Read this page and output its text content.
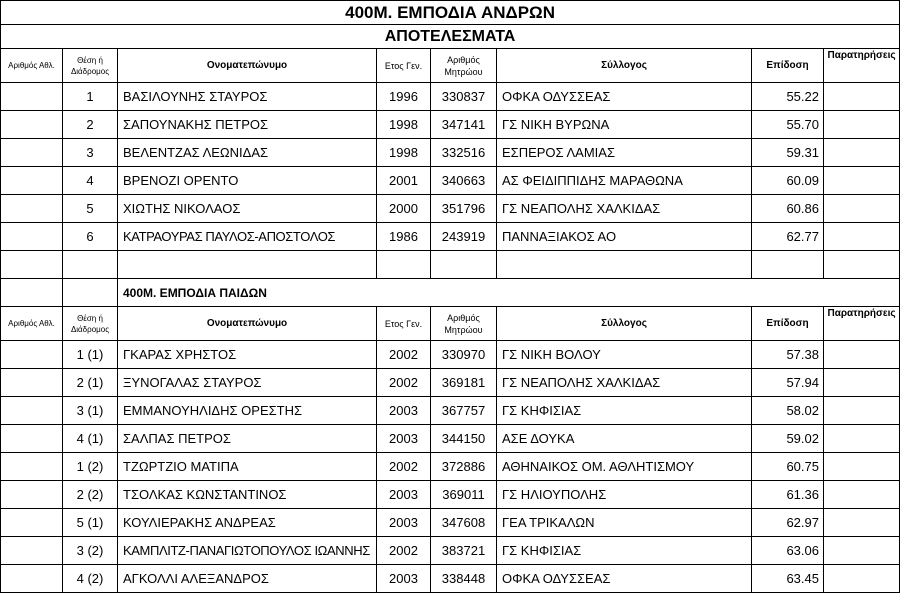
400Μ. ΕΜΠΟΔΙΑ ΑΝΔΡΩΝ							
ΑΠΟΤΕΛΕΣΜΑΤΑ							
Αριθμός Αθλ.	Θέση ή Διάδρομος	Ονοματεπώνυμο	Ετος Γεν.	Αριθμός Μητρώου	Σύλλογος	Επίδοση	Παρατηρήσεις
	1	ΒΑΣΙΛΟΥΝΗΣ ΣΤΑΥΡΟΣ	1996	330837	ΟΦΚΑ ΟΔΥΣΣΕΑΣ	55.22	
	2	ΣΑΠΟΥΝΑΚΗΣ ΠΕΤΡΟΣ	1998	347141	ΓΣ ΝΙΚΗ ΒΥΡΩΝΑ	55.70	
	3	ΒΕΛΕΝΤΖΑΣ ΛΕΩΝΙΔΑΣ	1998	332516	ΕΣΠΕΡΟΣ ΛΑΜΙΑΣ	59.31	
	4	ΒΡΕΝΟΖΙ ΟΡΕΝΤΟ	2001	340663	ΑΣ ΦΕΙΔΙΠΠΙΔΗΣ ΜΑΡΑΘΩΝΑ	60.09	
	5	ΧΙΩΤΗΣ ΝΙΚΟΛΑΟΣ	2000	351796	ΓΣ ΝΕΑΠΟΛΗΣ ΧΑΛΚΙΔΑΣ	60.86	
	6	ΚΑΤΡΑΟΥΡΑΣ ΠΑΥΛΟΣ-ΑΠΟΣΤΟΛΟΣ	1986	243919	ΠΑΝΝΑΞΙΑΚΟΣ ΑΟ	62.77	

		400Μ. ΕΜΠΟΔΙΑ ΠΑΙΔΩΝ					
Αριθμός Αθλ.	Θέση ή Διάδρομος	Ονοματεπώνυμο	Ετος Γεν.	Αριθμός Μητρώου	Σύλλογος	Επίδοση	Παρατηρήσεις
	1 (1)	ΓΚΑΡΑΣ ΧΡΗΣΤΟΣ	2002	330970	ΓΣ ΝΙΚΗ ΒΟΛΟΥ	57.38	
	2 (1)	ΞΥΝΟΓΑΛΑΣ ΣΤΑΥΡΟΣ	2002	369181	ΓΣ ΝΕΑΠΟΛΗΣ ΧΑΛΚΙΔΑΣ	57.94	
	3 (1)	ΕΜΜΑΝΟΥΗΛΙΔΗΣ ΟΡΕΣΤΗΣ	2003	367757	ΓΣ ΚΗΦΙΣΙΑΣ	58.02	
	4 (1)	ΣΑΛΠΑΣ ΠΕΤΡΟΣ	2003	344150	ΑΣΕ ΔΟΥΚΑ	59.02	
	1 (2)	ΤΖΩΡΤΖΙΟ ΜΑΤΙΠΑ	2002	372886	ΑΘΗΝΑΙΚΟΣ ΟΜ. ΑΘΛΗΤΙΣΜΟΥ	60.75	
	2 (2)	ΤΣΟΛΚΑΣ ΚΩΝΣΤΑΝΤΙΝΟΣ	2003	369011	ΓΣ ΗΛΙΟΥΠΟΛΗΣ	61.36	
	5 (1)	ΚΟΥΛΙΕΡΑΚΗΣ ΑΝΔΡΕΑΣ	2003	347608	ΓΕΑ ΤΡΙΚΑΛΩΝ	62.97	
	3 (2)	ΚΑΜΠΛΙΤΖ-ΠΑΝΑΓΙΩΤΟΠΟΥΛΟΣ ΙΩΑΝΝΗΣ	2002	383721	ΓΣ ΚΗΦΙΣΙΑΣ	63.06	
	4 (2)	ΑΓΚΟΛΛΙ ΑΛΕΞΑΝΔΡΟΣ	2003	338448	ΟΦΚΑ ΟΔΥΣΣΕΑΣ	63.45	
